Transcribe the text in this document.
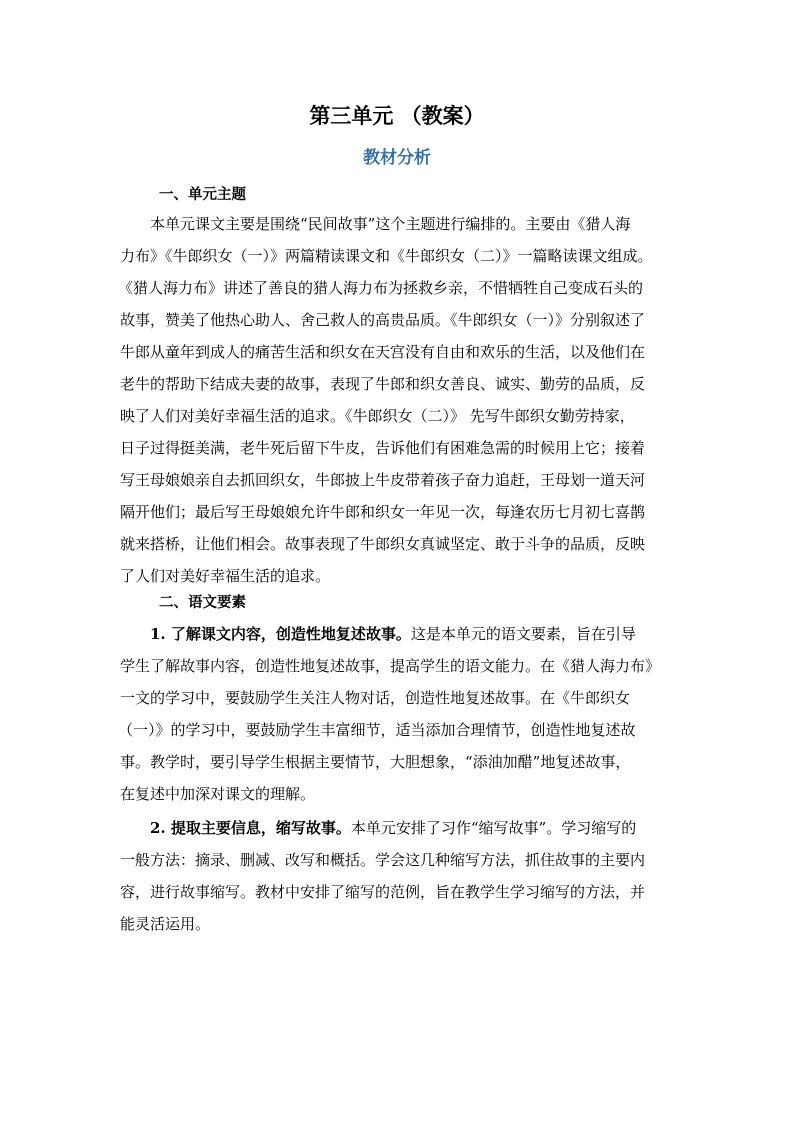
第三单元 （教案）
教材分析
一、单元主题
本单元课文主要是围绕“民间故事”这个主题进行编排的。主要由《猎人海
力布》《牛郎织女（一）》两篇精读课文和《牛郎织女（二）》一篇略读课文组成。
《猎人海力布》讲述了善良的猎人海力布为拯救乡亲，不惜牺牲自己变成石头的
故事，赞美了他热心助人、舍己救人的高贵品质。《牛郎织女（一）》分别叙述了
牛郎从童年到成人的痛苦生活和织女在天宫没有自由和欢乐的生活，以及他们在
老牛的帮助下结成夫妻的故事，表现了牛郎和织女善良、诚实、勤劳的品质，反
映了人们对美好幸福生活的追求。《牛郎织女（二）》 先写牛郎织女勤劳持家，
日子过得挺美满，老牛死后留下牛皮，告诉他们有困难急需的时候用上它；接着
写王母娘娘亲自去抓回织女，牛郎披上牛皮带着孩子奋力追赶，王母划一道天河
隔开他们；最后写王母娘娘允许牛郎和织女一年见一次，每逢农历七月初七喜鹊
就来搭桥，让他们相会。故事表现了牛郎织女真诚坚定、敢于斗争的品质，反映
了人们对美好幸福生活的追求。
二、语文要素
1. 了解课文内容，创造性地复述故事。这是本单元的语文要素，旨在引导
学生了解故事内容，创造性地复述故事，提高学生的语文能力。在《猎人海力布》
一文的学习中，要鼓励学生关注人物对话，创造性地复述故事。在《牛郎织女
（一）》的学习中，要鼓励学生丰富细节，适当添加合理情节，创造性地复述故
事。教学时，要引导学生根据主要情节，大胆想象，“添油加醋”地复述故事，
在复述中加深对课文的理解。
2. 提取主要信息，缩写故事。本单元安排了习作“缩写故事”。学习缩写的
一般方法：摘录、删减、改写和概括。学会这几种缩写方法，抓住故事的主要内
容，进行故事缩写。教材中安排了缩写的范例，旨在教学生学习缩写的方法，并
能灵活运用。
